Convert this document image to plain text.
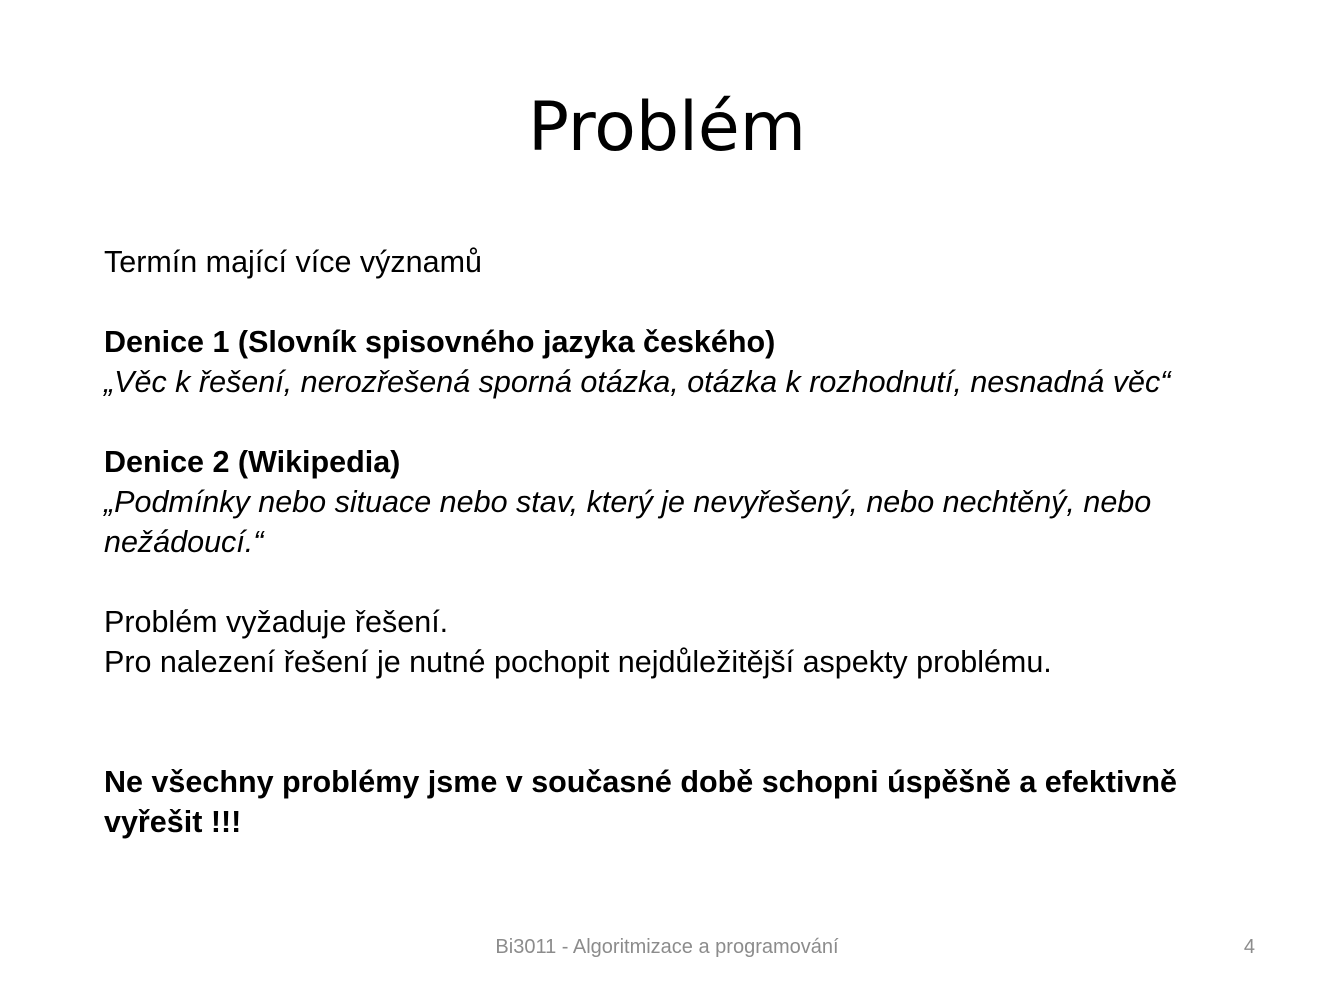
Problém

Termín mající více významů

Denice 1 (Slovník spisovného jazyka českého)

„Věc k řešení, nerozřešená sporná otázka, otázka k rozhodnutí, nesnadná věc“

Denice 2 (Wikipedia)

„Podmínky nebo situace nebo stav, který je nevyřešený, nebo nechtěný, nebo nežádoucí.“

Problém vyžaduje řešení.

Pro nalezení řešení je nutné pochopit nejdůležitější aspekty problému.

Ne všechny problémy jsme v současné době schopni úspěšně a efektivně vyřešit !!!

Bi3011 - Algoritmizace a programování	4
